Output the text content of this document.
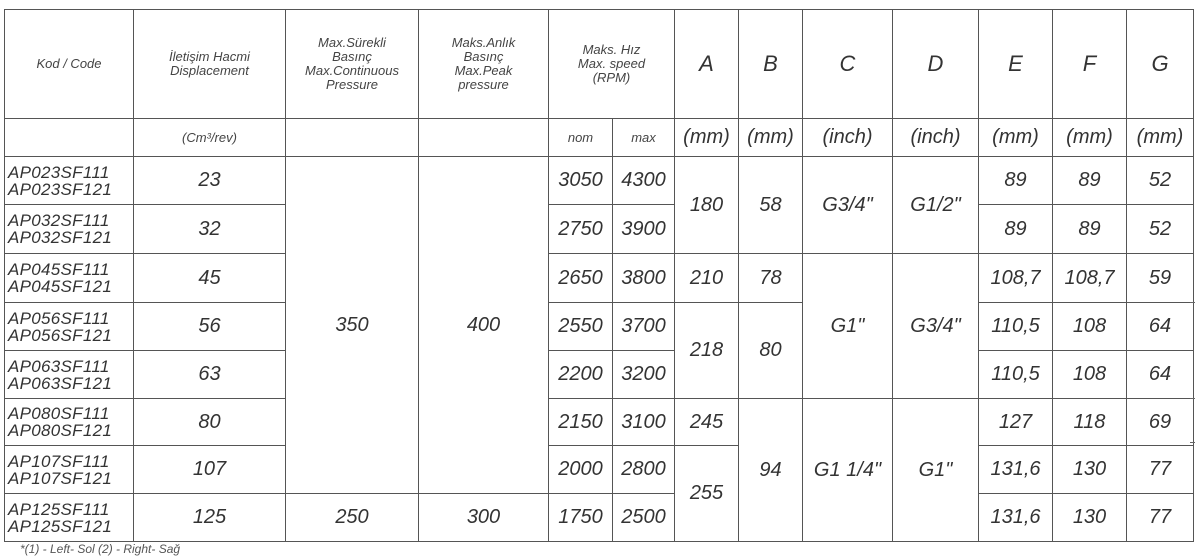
Kod / Code	İletişim Hacmi
Displacement	Max.Sürekli
Basınç
Max.Continuous
Pressure	Maks.Anlık
Basınç
Max.Peak
pressure	Maks. Hız
Max. speed
(RPM)		A	B	C	D	E	F	G
	(Cm³/rev)			nom	max	(mm)	(mm)	(inch)	(inch)	(mm)	(mm)	(mm)
AP023SF111
AP023SF121	23	350	400	3050	4300	180	58	G3/4"	G1/2"	89	89	52
AP032SF111
AP032SF121	32			2750	3900					89	89	52
AP045SF111
AP045SF121	45			2650	3800	210	78	G1"	G3/4"	108,7	108,7	59
AP056SF111
AP056SF121	56			2550	3700	218	80			110,5	108	64
AP063SF111
AP063SF121	63			2200	3200					110,5	108	64
AP080SF111
AP080SF121	80			2150	3100	245	94	G1 1/4"	G1"	127	118	69
AP107SF111
AP107SF121	107			2000	2800	255				131,6	130	77
AP125SF111
AP125SF121	125	250	300	1750	2500					131,6	130	77
*(1) - Left- Sol (2) - Right- Sağ
